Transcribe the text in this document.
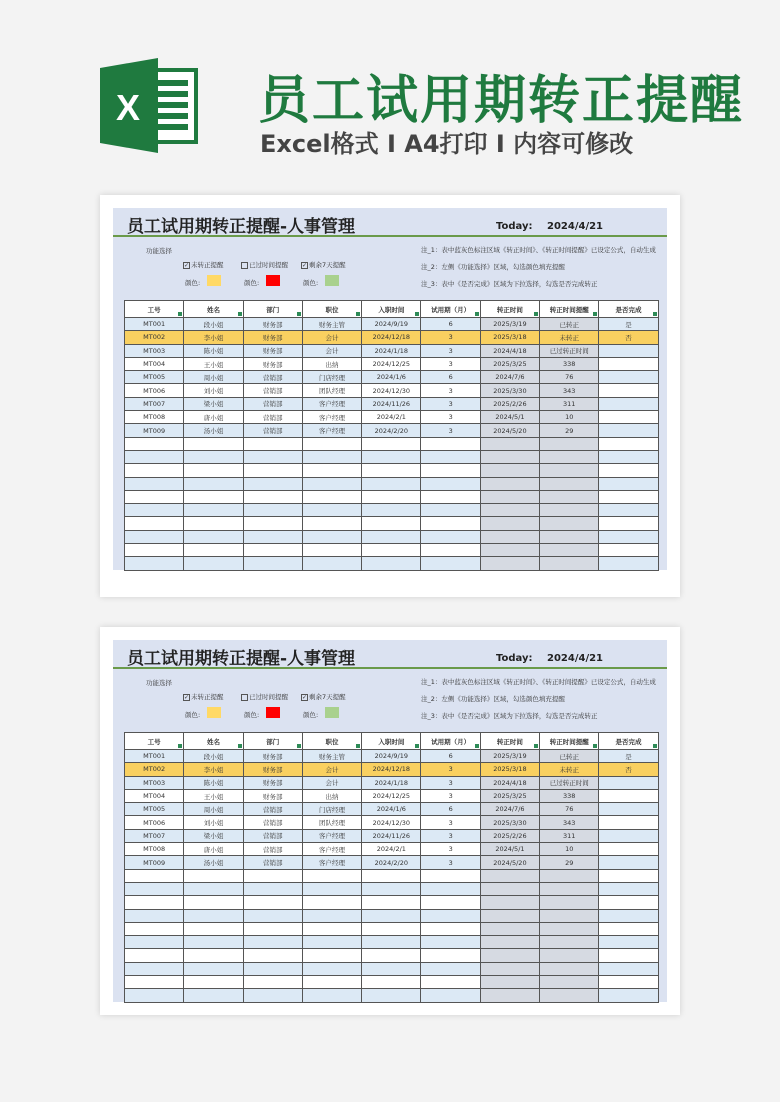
X 员工试用期转正提醒
Excel格式 I A4打印 I 内容可修改
员工试用期转正提醒-人事管理	Today: 2024/4/21
功能选择
✓ 未转正提醒	已过时间提醒 ✓ 剩余7天提醒
颜色:	颜色:	颜色:
注_1：表中蓝灰色标注区域《转正时间》、《转正时间提醒》已设定公式，自动生成
注_2：左侧《功能选择》区域，勾选颜色填充提醒
注_3：表中《是否完成》区域为下拉选择，勾选是否完成转正
工号	姓名	部门	职位	入职时间	试用期（月）	转正时间	转正时间提醒	是否完成

MT001	段小姐	财务部	财务主管	2024/9/19	6	2025/3/19	已转正	是
MT002	李小姐	财务部	会计	2024/12/18	3	2025/3/18	未转正	否
MT003	陈小姐	财务部	会计	2024/1/18	3	2024/4/18	已过转正时间	
MT004	王小姐	财务部	出纳	2024/12/25	3	2025/3/25	338	
MT005	周小姐	营销部	门店经理	2024/1/6	6	2024/7/6	76	
MT006	刘小姐	营销部	团队经理	2024/12/30	3	2025/3/30	343	
MT007	梁小姐	营销部	客户经理	2024/11/26	3	2025/2/26	311	
MT008	唐小姐	营销部	客户经理	2024/2/1	3	2024/5/1	10	
MT009	汤小姐	营销部	客户经理	2024/2/20	3	2024/5/20	29	

员工试用期转正提醒-人事管理	Today: 2024/4/21
功能选择
✓ 未转正提醒	已过时间提醒 ✓ 剩余7天提醒
颜色:	颜色:	颜色:
注_1：表中蓝灰色标注区域《转正时间》、《转正时间提醒》已设定公式，自动生成
注_2：左侧《功能选择》区域，勾选颜色填充提醒
注_3：表中《是否完成》区域为下拉选择，勾选是否完成转正
工号	姓名	部门	职位	入职时间	试用期（月）	转正时间	转正时间提醒	是否完成

MT001	段小姐	财务部	财务主管	2024/9/19	6	2025/3/19	已转正	是
MT002	李小姐	财务部	会计	2024/12/18	3	2025/3/18	未转正	否
MT003	陈小姐	财务部	会计	2024/1/18	3	2024/4/18	已过转正时间	
MT004	王小姐	财务部	出纳	2024/12/25	3	2025/3/25	338	
MT005	周小姐	营销部	门店经理	2024/1/6	6	2024/7/6	76	
MT006	刘小姐	营销部	团队经理	2024/12/30	3	2025/3/30	343	
MT007	梁小姐	营销部	客户经理	2024/11/26	3	2025/2/26	311	
MT008	唐小姐	营销部	客户经理	2024/2/1	3	2024/5/1	10	
MT009	汤小姐	营销部	客户经理	2024/2/20	3	2024/5/20	29	
